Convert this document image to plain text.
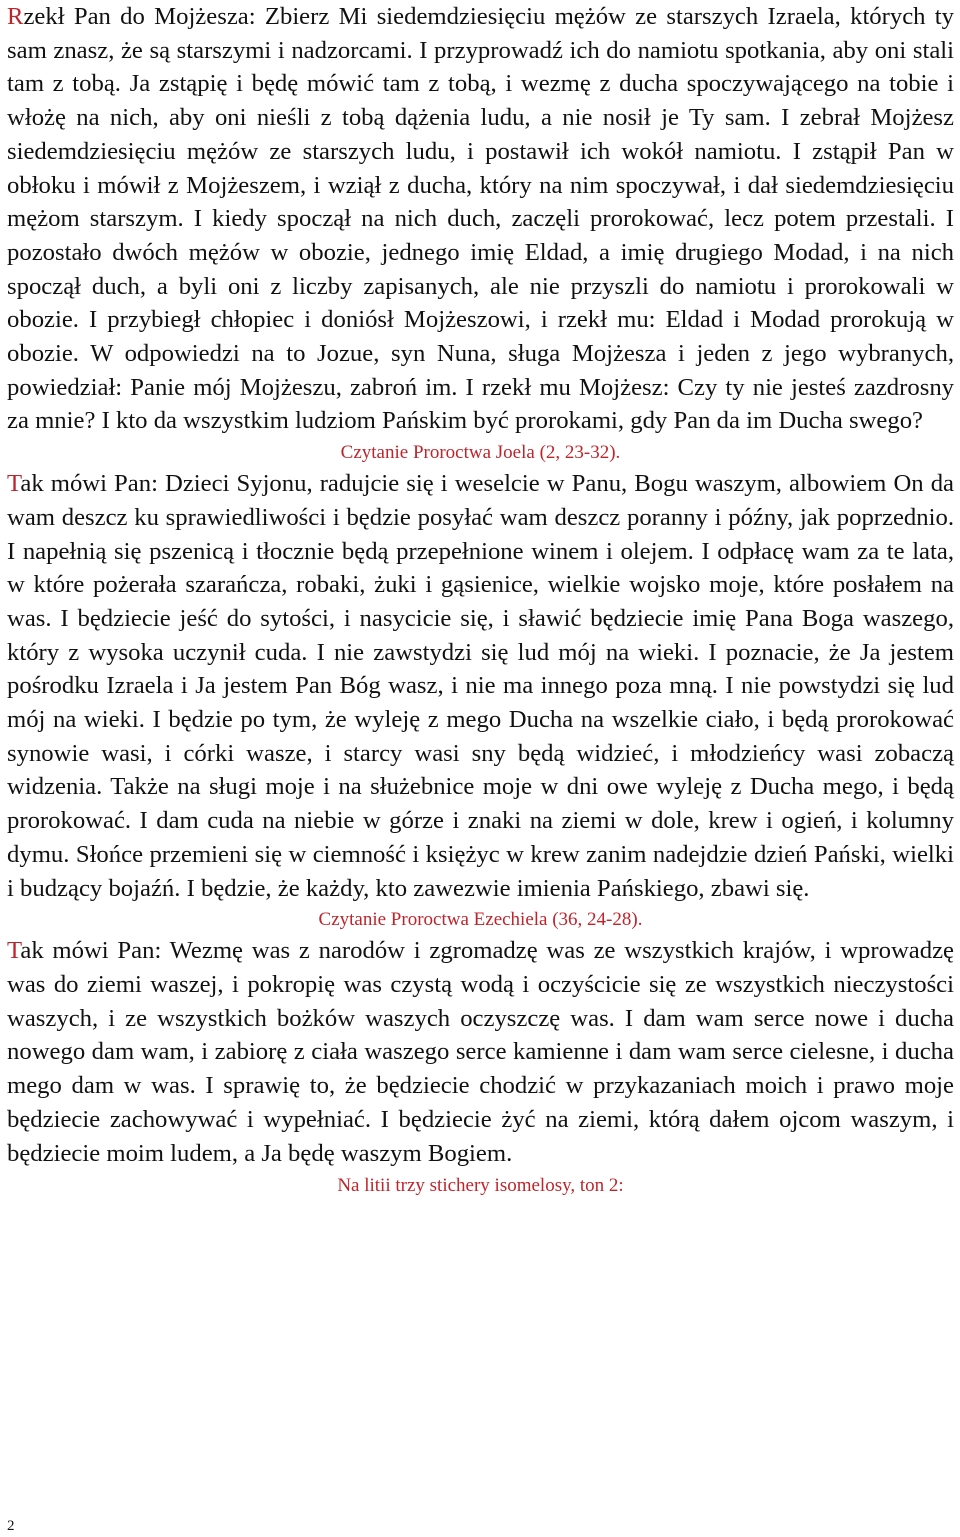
Rzekł Pan do Mojżesza: Zbierz Mi siedemdziesięciu mężów ze starszych Izraela, których ty sam znasz, że są starszymi i nadzorcami. I przyprowadź ich do namiotu spotkania, aby oni stali tam z tobą. Ja zstąpię i będę mówić tam z tobą, i wezmę z ducha spoczywającego na tobie i włożę na nich, aby oni nieśli z tobą dążenia ludu, a nie nosił je Ty sam. I zebrał Mojżesz siedemdziesięciu mężów ze starszych ludu, i postawił ich wokół namiotu. I zstąpił Pan w obłoku i mówił z Mojżeszem, i wziął z ducha, który na nim spoczywał, i dał siedemdziesięciu mężom starszym. I kiedy spoczął na nich duch, zaczęli prorokować, lecz potem przestali. I pozostało dwóch mężów w obozie, jednego imię Eldad, a imię drugiego Modad, i na nich spoczął duch, a byli oni z liczby zapisanych, ale nie przyszli do namiotu i prorokowali w obozie. I przybiegł chłopiec i doniósł Mojżeszowi, i rzekł mu: Eldad i Modad prorokują w obozie. W odpowiedzi na to Jozue, syn Nuna, sługa Mojżesza i jeden z jego wybranych, powiedział: Panie mój Mojżeszu, zabroń im. I rzekł mu Mojżesz: Czy ty nie jesteś zazdrosny za mnie? I kto da wszystkim ludziom Pańskim być prorokami, gdy Pan da im Ducha swego?

Czytanie Proroctwa Joela (2, 23-32).

Tak mówi Pan: Dzieci Syjonu, radujcie się i weselcie w Panu, Bogu waszym, albowiem On da wam deszcz ku sprawiedliwości i będzie posyłać wam deszcz poranny i późny, jak poprzednio. I napełnią się pszenicą i tłocznie będą przepełnione winem i olejem. I odpłacę wam za te lata, w które pożerała szarańcza, robaki, żuki i gąsienice, wielkie wojsko moje, które posłałem na was. I będziecie jeść do sytości, i nasycicie się, i sławić będziecie imię Pana Boga waszego, który z wysoka uczynił cuda. I nie zawstydzi się lud mój na wieki. I poznacie, że Ja jestem pośrodku Izraela i Ja jestem Pan Bóg wasz, i nie ma innego poza mną. I nie powstydzi się lud mój na wieki. I będzie po tym, że wyleję z mego Ducha na wszelkie ciało, i będą prorokować synowie wasi, i córki wasze, i starcy wasi sny będą widzieć, i młodzieńcy wasi zobaczą widzenia. Także na sługi moje i na służebnice moje w dni owe wyleję z Ducha mego, i będą prorokować. I dam cuda na niebie w górze i znaki na ziemi w dole, krew i ogień, i kolumny dymu. Słońce przemieni się w ciemność i księżyc w krew zanim nadejdzie dzień Pański, wielki i budzący bojaźń. I będzie, że każdy, kto zawezwie imienia Pańskiego, zbawi się.

Czytanie Proroctwa Ezechiela (36, 24-28).

Tak mówi Pan: Wezmę was z narodów i zgromadzę was ze wszystkich krajów, i wprowadzę was do ziemi waszej, i pokropię was czystą wodą i oczyścicie się ze wszystkich nieczystości waszych, i ze wszystkich bożków waszych oczyszczę was. I dam wam serce nowe i ducha nowego dam wam, i zabiorę z ciała waszego serce kamienne i dam wam serce cielesne, i ducha mego dam w was. I sprawię to, że będziecie chodzić w przykazaniach moich i prawo moje będziecie zachowywać i wypełniać. I będziecie żyć na ziemi, którą dałem ojcom waszym, i będziecie moim ludem, a Ja będę waszym Bogiem.

Na litii trzy stichery isomelosy, ton 2:

2
